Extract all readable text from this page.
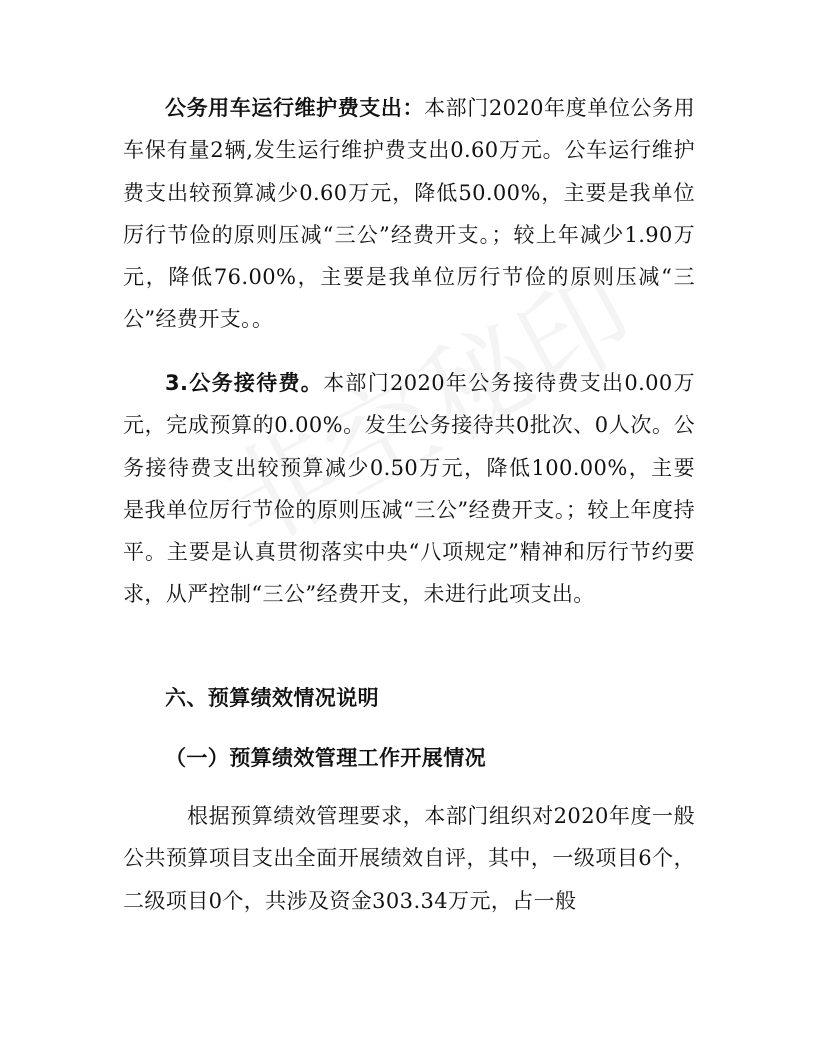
公务用车运行维护费支出：本部门2020年度单位公务用车保有量2辆,发生运行维护费支出0.60万元。公车运行维护费支出较预算减少0.60万元，降低50.00%，主要是我单位厉行节俭的原则压减“三公”经费开支。；较上年减少1.90万元，降低76.00%，主要是我单位厉行节俭的原则压减“三公”经费开支。。

3.公务接待费。本部门2020年公务接待费支出0.00万元，完成预算的0.00%。发生公务接待共0批次、0人次。公务接待费支出较预算减少0.50万元，降低100.00%，主要是我单位厉行节俭的原则压减“三公”经费开支。；较上年度持平。主要是认真贯彻落实中央“八项规定”精神和厉行节约要求，从严控制“三公”经费开支，未进行此项支出。

六、预算绩效情况说明
（一）预算绩效管理工作开展情况

根据预算绩效管理要求，本部门组织对2020年度一般公共预算项目支出全面开展绩效自评，其中，一级项目6个，二级项目0个，共涉及资金303.34万元，占一般
